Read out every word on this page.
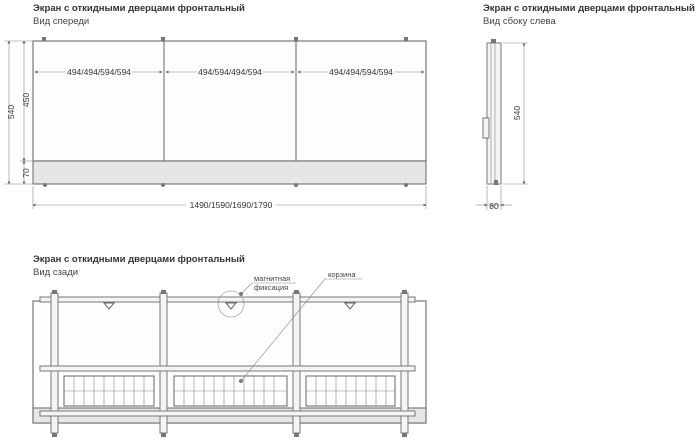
Экран с откидными дверцами фронтальный
Вид спереди
494/494/594/594	494/594/494/594	494/494/594/594
540
450
70
1490/1590/1690/1790
Экран с откидными дверцами фронтальный
Вид сбоку слева
540
80
Экран с откидными дверцами фронтальный
Вид сзади
магнитная
фиксация
корзина
